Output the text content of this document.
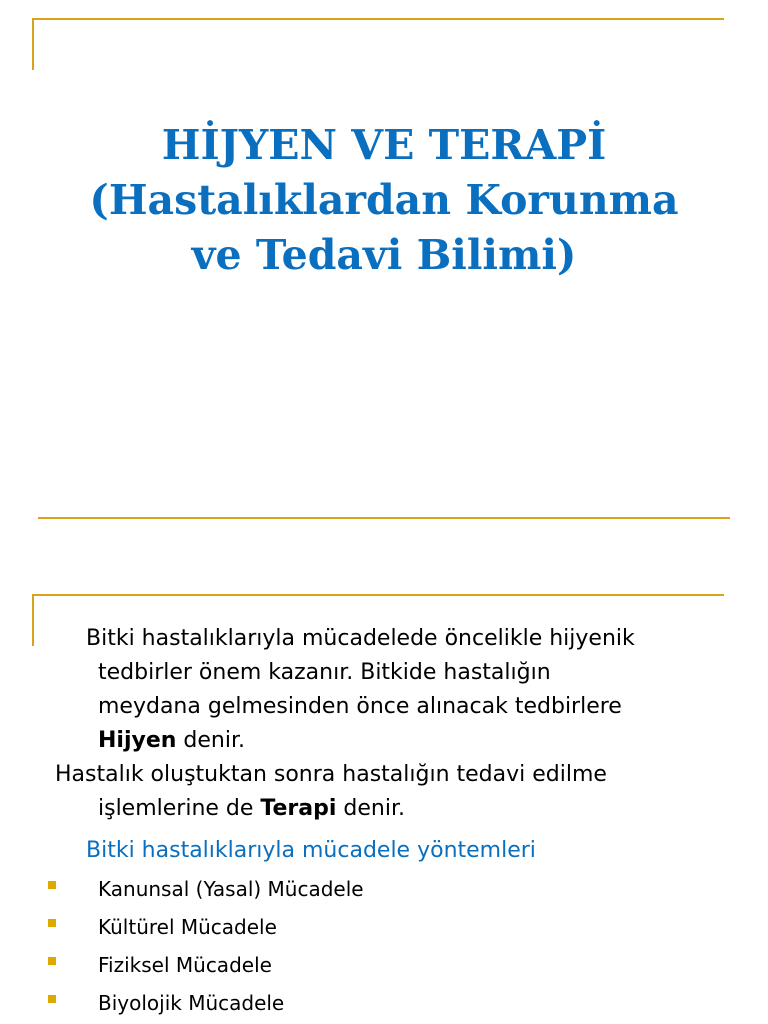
HİJYEN VE TERAPİ
(Hastalıklardan Korunma
ve Tedavi Bilimi)
Bitki hastalıklarıyla mücadelede öncelikle hijyenik
tedbirler önem kazanır. Bitkide hastalığın
meydana gelmesinden önce alınacak tedbirlere
Hijyen denir.
Hastalık oluştuktan sonra hastalığın tedavi edilme
işlemlerine de Terapi denir.
Bitki hastalıklarıyla mücadele yöntemleri
Kanunsal (Yasal) Mücadele
Kültürel Mücadele
Fiziksel Mücadele
Biyolojik Mücadele
